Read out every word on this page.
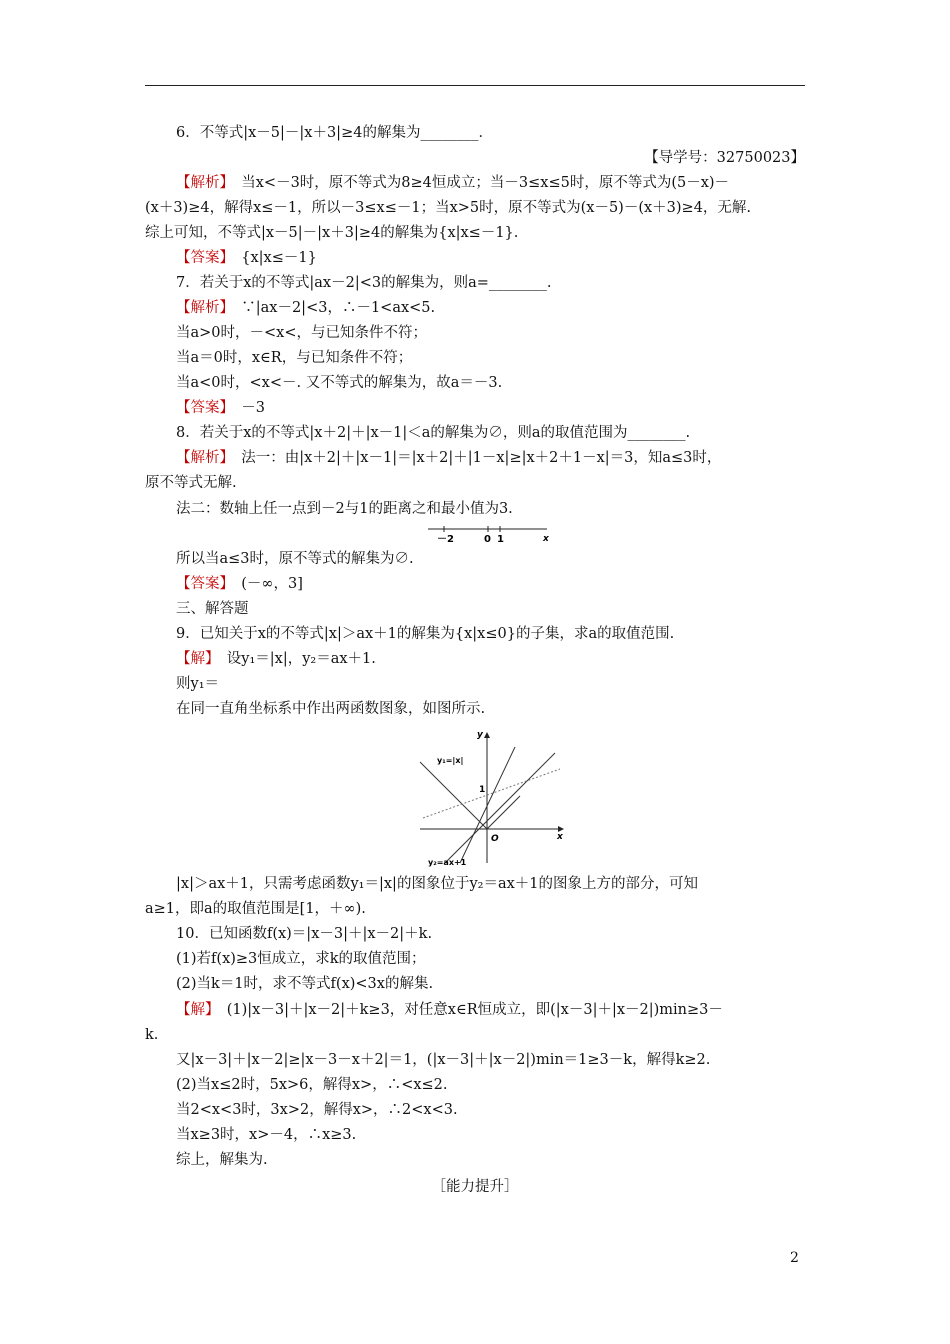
6．不等式|x－5|－|x＋3|≥4的解集为________．
【导学号：32750023】
【解析】　当x<－3时，原不等式为8≥4恒成立；当－3≤x≤5时，原不等式为(5－x)－
(x＋3)≥4，解得x≤－1，所以－3≤x≤－1；当x>5时，原不等式为(x－5)－(x＋3)≥4，无解.
综上可知，不等式|x－5|－|x＋3|≥4的解集为{x|x≤－1}.
【答案】　{x|x≤－1}
7．若关于x的不等式|ax－2|<3的解集为，则a=________.
【解析】　∵|ax－2|<3，∴－1<ax<5.
当a>0时，－<x<，与已知条件不符；
当a＝0时，x∈R，与已知条件不符；
当a<0时，<x<－. 又不等式的解集为，故a＝－3.
【答案】　－3
8．若关于x的不等式|x＋2|＋|x－1|＜a的解集为∅，则a的取值范围为________.
【解析】　法一：由|x＋2|＋|x－1|＝|x＋2|＋|1－x|≥|x＋2＋1－x|＝3，知a≤3时，
原不等式无解.
法二：数轴上任一点到－2与1的距离之和最小值为3.
－2	0 1	x
所以当a≤3时，原不等式的解集为∅.
【答案】　(－∞，3]
三、解答题
9．已知关于x的不等式|x|＞ax＋1的解集为{x|x≤0}的子集，求a的取值范围.
【解】　设y₁＝|x|，y₂＝ax＋1.
则y₁＝
在同一直角坐标系中作出两函数图象，如图所示.
y
x
O
1
y₁=|x|
y₂=ax+1
|x|＞ax＋1，只需考虑函数y₁＝|x|的图象位于y₂＝ax＋1的图象上方的部分，可知
a≥1，即a的取值范围是[1，＋∞).
10．已知函数f(x)＝|x－3|＋|x－2|＋k.
(1)若f(x)≥3恒成立，求k的取值范围；
(2)当k＝1时，求不等式f(x)<3x的解集.
【解】　(1)|x－3|＋|x－2|＋k≥3，对任意x∈R恒成立，即(|x－3|＋|x－2|)min≥3－
k.
又|x－3|＋|x－2|≥|x－3－x＋2|＝1，(|x－3|＋|x－2|)min＝1≥3－k，解得k≥2.
(2)当x≤2时，5x>6，解得x>，∴<x≤2.
当2<x<3时，3x>2，解得x>，∴2<x<3.
当x≥3时，x>－4，∴x≥3.
综上，解集为.
［能力提升］
2
